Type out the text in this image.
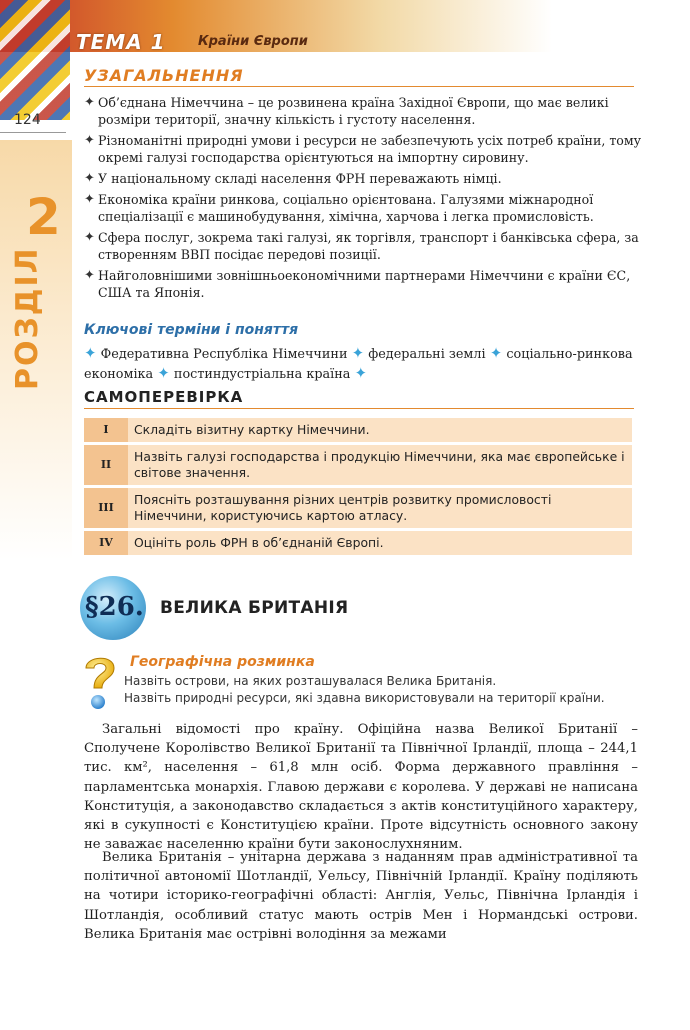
ТЕМА 1 Країни Європи
124
2
РОЗДІЛ
УЗАГАЛЬНЕННЯ
✦ Об’єднана Німеччина – це розвинена країна Західної Європи, що має великі розміри території, значну кількість і густоту населення.
✦ Різноманітні природні умови і ресурси не забезпечують усіх потреб країни, тому окремі галузі господарства орієнтуються на імпортну сировину.
✦ У національному складі населення ФРН переважають німці.
✦ Економіка країни ринкова, соціально орієнтована. Галузями міжнародної спеціалізації є машинобудування, хімічна, харчова і легка промисловість.
✦ Сфера послуг, зокрема такі галузі, як торгівля, транспорт і банківська сфера, за створенням ВВП посідає передові позиції.
✦ Найголовнішими зовнішньоекономічними партнерами Німеччини є країни ЄС, США та Японія.
Ключові терміни і поняття
✦ Федеративна Республіка Німеччини ✦ федеральні землі ✦ соціально-ринкова економіка ✦ постиндустріальна країна ✦
САМОПЕРЕВІРКА
I	Складіть візитну картку Німеччини.
II	Назвіть галузі господарства і продукцію Німеччини, яка має європейське і світове значення.
III	Поясніть розташування різних центрів розвитку промисловості Німеччини, користуючись картою атласу.
IV	Оцініть роль ФРН в об’єднаній Європі.
§26. ВЕЛИКА БРИТАНІЯ
Географічна розминка
Назвіть острови, на яких розташувалася Велика Британія.
Назвіть природні ресурси, які здавна використовували на території країни.

Загальні відомості про країну. Офіційна назва Великої Британії – Сполучене Королівство Великої Британії та Північної Ірландії, площа – 244,1 тис. км², населення – 61,8 млн осіб. Форма державного правління – парламентська монархія. Главою держави є королева. У державі не написана Конституція, а законодавство складається з актів конституційного характеру, які в сукупності є Конституцією країни. Проте відсутність основного закону не заважає населенню країни бути законослухняним.

Велика Британія – унітарна держава з наданням прав адміністративної та політичної автономії Шотландії, Уельсу, Північній Ірландії. Країну поділяють на чотири історико-географічні області: Англія, Уельс, Північна Ірландія і Шотландія, особливий статус мають острів Мен і Нормандські острови. Велика Британія має острівні володіння за межами
